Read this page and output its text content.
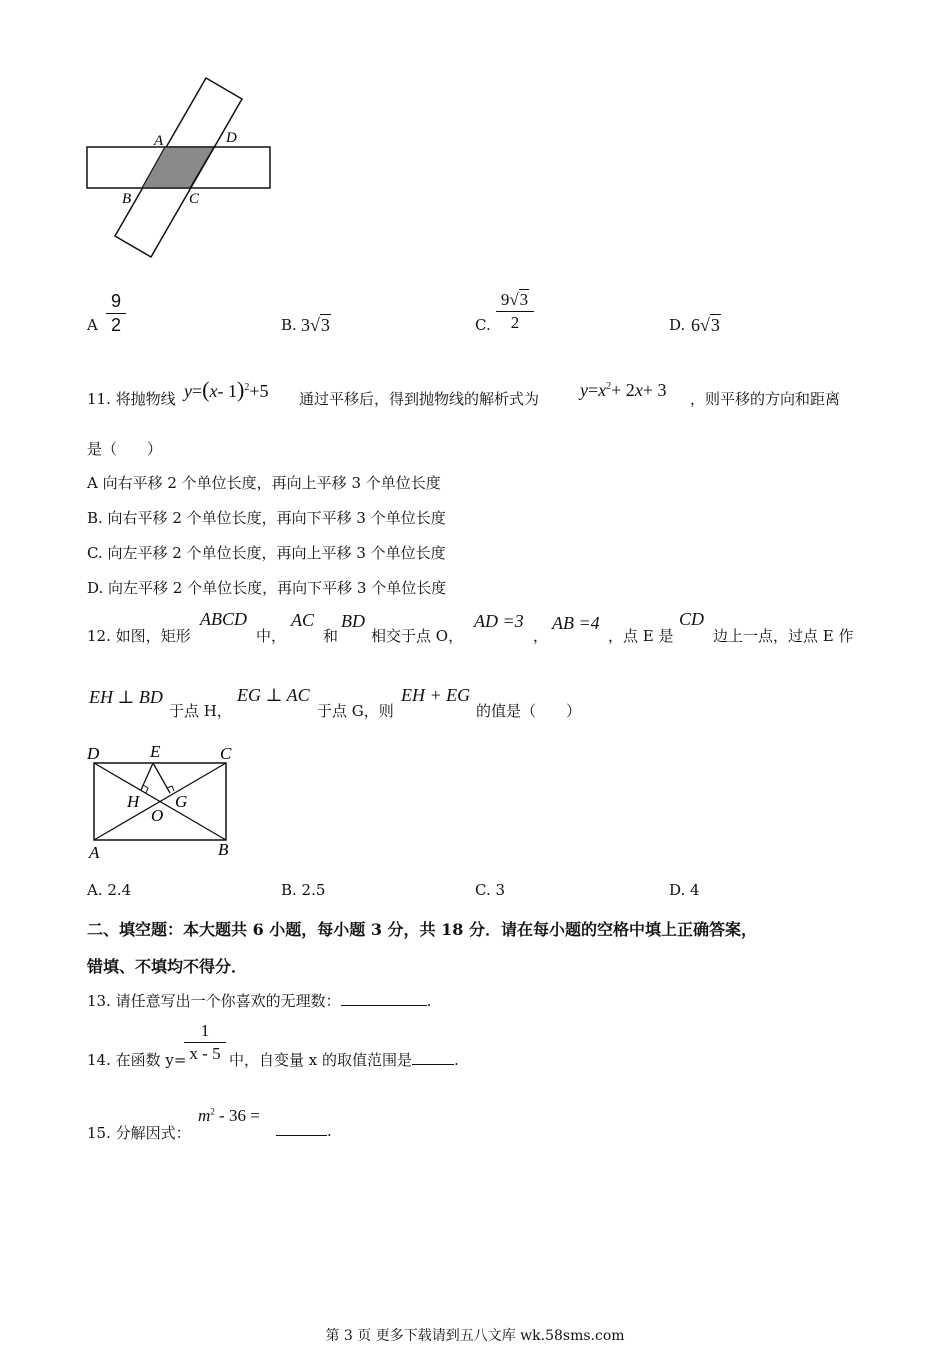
A	D
B	C
A
9
2	B. 3√3	C.
9√3
2	D. 6√3
11. 将抛物线 y=(x- 1)$^2$+5 通过平移后，得到抛物线的解析式为 $y=x^2+ 2x+ 3$ ，则平移的方向和距离
是（　　）
A 向右平移 2 个单位长度，再向上平移 3 个单位长度
B. 向右平移 2 个单位长度，再向下平移 3 个单位长度
C. 向左平移 2 个单位长度，再向上平移 3 个单位长度
D. 向左平移 2 个单位长度，再向下平移 3 个单位长度
12. 如图，矩形
ABCD
中，
AC
和
BD
相交于点 O，
AD =3
，
AB =4
，点 E 是
CD
边上一点，过点 E 作
EH ⊥ BD
于点 H，
EG ⊥ AC
于点 G，则
EH + EG
的值是（　　）
D	E	C
H G
O
A	B
A. 2.4	B. 2.5	C. 3	D. 4
二、填空题：本大题共 6 小题，每小题 3 分，共 18 分．请在每小题的空格中填上正确答案，
错填、不填均不得分．
13. 请任意写出一个你喜欢的无理数：	.
14. 在函数 y=
1
x - 5 中，自变量 x 的取值范围是	.
15. 分解因式：
$m^2 - 36$ =
.
第 3 页 更多下载请到五八文库 wk.58sms.com
